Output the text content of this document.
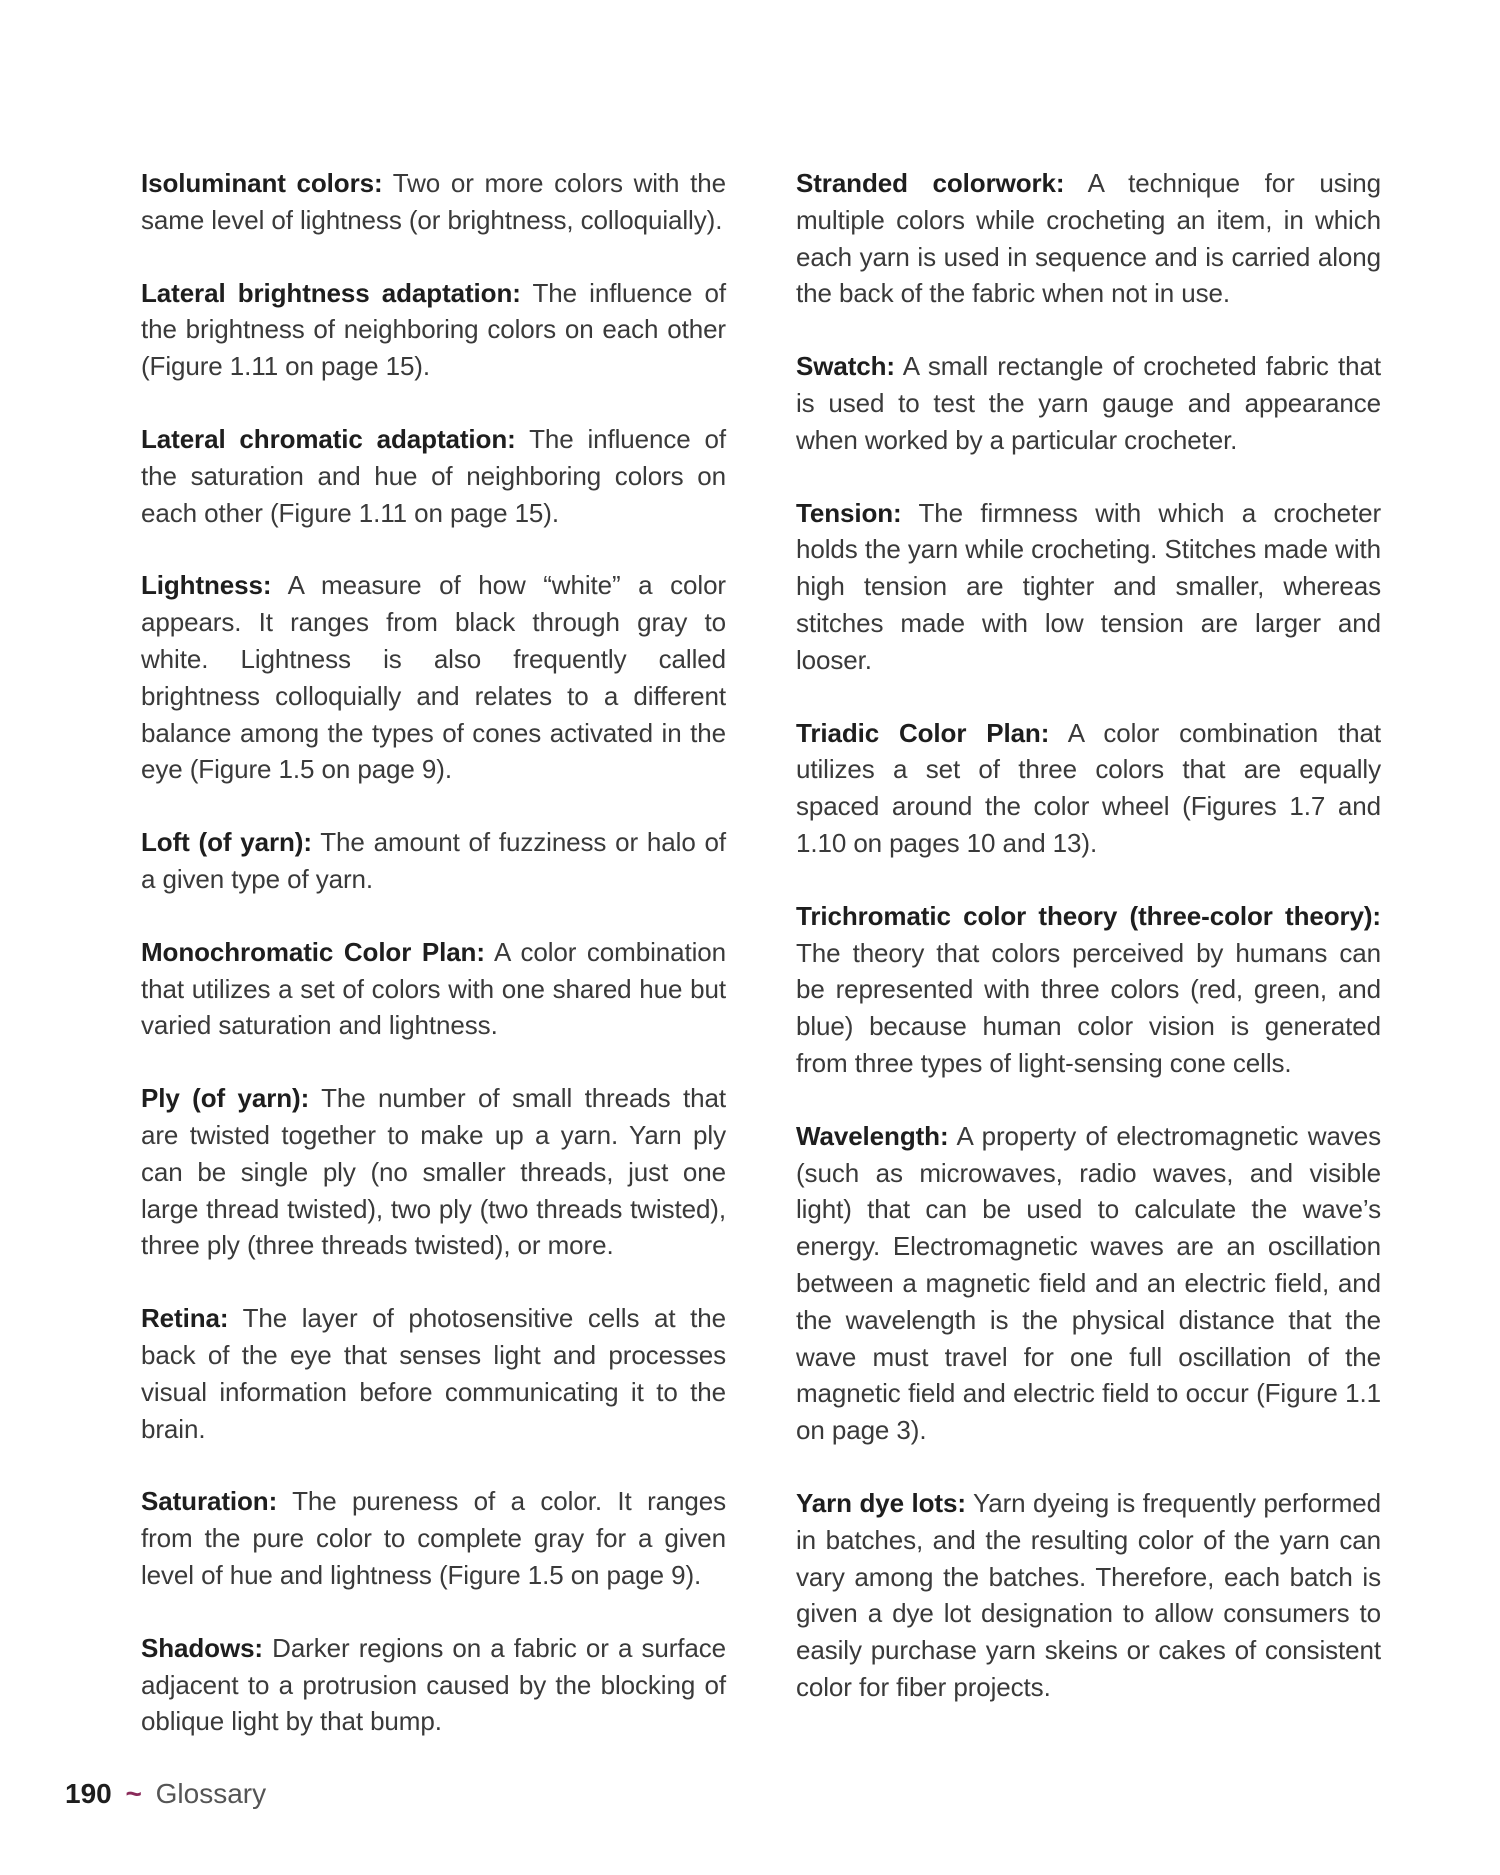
Isoluminant colors: Two or more colors with the same level of lightness (or brightness, colloquially).

Lateral brightness adaptation: The influence of the brightness of neighboring colors on each other (Figure 1.11 on page 15).

Lateral chromatic adaptation: The influence of the saturation and hue of neighboring colors on each other (Figure 1.11 on page 15).

Lightness: A measure of how “white” a color appears. It ranges from black through gray to white. Lightness is also frequently called brightness colloquially and relates to a different balance among the types of cones activated in the eye (Figure 1.5 on page 9).

Loft (of yarn): The amount of fuzziness or halo of a given type of yarn.

Monochromatic Color Plan: A color combination that utilizes a set of colors with one shared hue but varied saturation and lightness.

Ply (of yarn): The number of small threads that are twisted together to make up a yarn. Yarn ply can be single ply (no smaller threads, just one large thread twisted), two ply (two threads twisted), three ply (three threads twisted), or more.

Retina: The layer of photosensitive cells at the back of the eye that senses light and processes visual information before communicating it to the brain.

Saturation: The pureness of a color. It ranges from the pure color to complete gray for a given level of hue and lightness (Figure 1.5 on page 9).

Shadows: Darker regions on a fabric or a surface adjacent to a protrusion caused by the blocking of oblique light by that bump.

Stranded colorwork: A technique for using multiple colors while crocheting an item, in which each yarn is used in sequence and is carried along the back of the fabric when not in use.

Swatch: A small rectangle of crocheted fabric that is used to test the yarn gauge and appearance when worked by a particular crocheter.

Tension: The firmness with which a crocheter holds the yarn while crocheting. Stitches made with high tension are tighter and smaller, whereas stitches made with low tension are larger and looser.

Triadic Color Plan: A color combination that utilizes a set of three colors that are equally spaced around the color wheel (Figures 1.7 and 1.10 on pages 10 and 13).

Trichromatic color theory (three-color theory): The theory that colors perceived by humans can be represented with three colors (red, green, and blue) because human color vision is generated from three types of light-sensing cone cells.

Wavelength: A property of electromagnetic waves (such as microwaves, radio waves, and visible light) that can be used to calculate the wave’s energy. Electromagnetic waves are an oscillation between a magnetic field and an electric field, and the wavelength is the physical distance that the wave must travel for one full oscillation of the magnetic field and electric field to occur (Figure 1.1 on page 3).

Yarn dye lots: Yarn dyeing is frequently performed in batches, and the resulting color of the yarn can vary among the batches. Therefore, each batch is given a dye lot designation to allow consumers to easily purchase yarn skeins or cakes of consistent color for fiber projects.

190 ~ Glossary
